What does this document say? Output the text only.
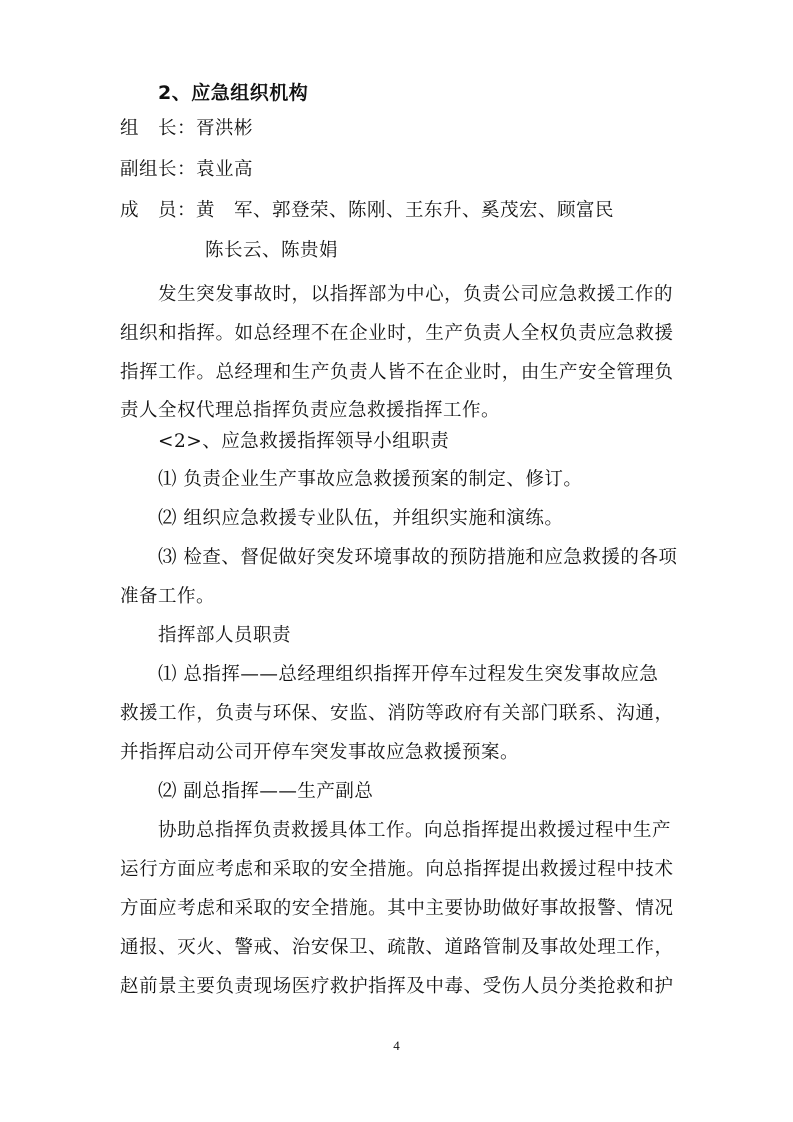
2、应急组织机构
组　长：胥洪彬
副组长：袁业高
成　员：黄　军、郭登荣、陈刚、王东升、奚茂宏、顾富民
陈长云、陈贵娟
发生突发事故时，以指挥部为中心，负责公司应急救援工作的
组织和指挥。如总经理不在企业时，生产负责人全权负责应急救援
指挥工作。总经理和生产负责人皆不在企业时，由生产安全管理负
责人全权代理总指挥负责应急救援指挥工作。
<2>、应急救援指挥领导小组职责
⑴ 负责企业生产事故应急救援预案的制定、修订。
⑵ 组织应急救援专业队伍，并组织实施和演练。
⑶ 检查、督促做好突发环境事故的预防措施和应急救援的各项
准备工作。
指挥部人员职责
⑴ 总指挥——总经理组织指挥开停车过程发生突发事故应急
救援工作，负责与环保、安监、消防等政府有关部门联系、沟通，
并指挥启动公司开停车突发事故应急救援预案。
⑵ 副总指挥——生产副总
协助总指挥负责救援具体工作。向总指挥提出救援过程中生产
运行方面应考虑和采取的安全措施。向总指挥提出救援过程中技术
方面应考虑和采取的安全措施。其中主要协助做好事故报警、情况
通报、灭火、警戒、治安保卫、疏散、道路管制及事故处理工作，
赵前景主要负责现场医疗救护指挥及中毒、受伤人员分类抢救和护
4
